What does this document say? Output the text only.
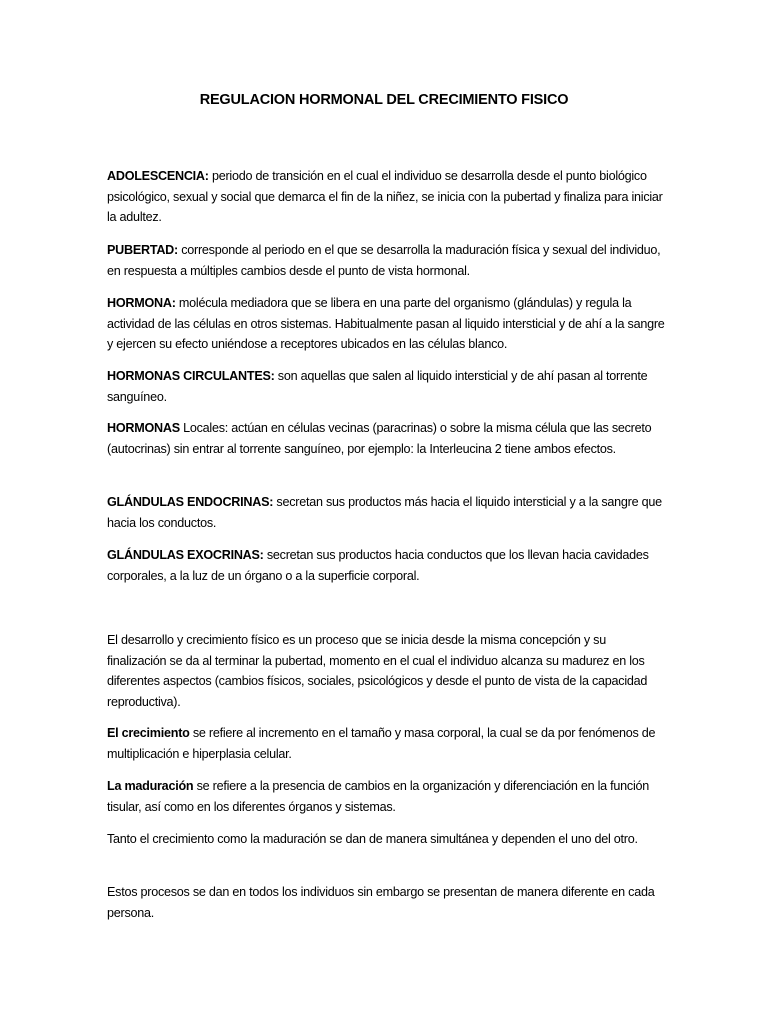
REGULACION HORMONAL DEL CRECIMIENTO FISICO
ADOLESCENCIA: periodo de transición en el cual el individuo se desarrolla desde el punto biológico psicológico, sexual y social que demarca el fin de la niñez, se inicia con la pubertad y finaliza para iniciar la adultez.
PUBERTAD: corresponde al periodo en el que se desarrolla la maduración física y sexual del individuo, en respuesta a múltiples cambios desde el punto de vista hormonal.
HORMONA: molécula mediadora que se libera en una parte del organismo (glándulas) y regula la actividad de las células en otros sistemas. Habitualmente pasan al liquido intersticial y de ahí a la sangre y ejercen su efecto uniéndose a receptores ubicados en las células blanco.
HORMONAS CIRCULANTES: son aquellas que salen al liquido intersticial y de ahí pasan al torrente sanguíneo.
HORMONAS Locales: actúan en células vecinas (paracrinas) o sobre la misma célula que las secreto (autocrinas) sin entrar al torrente sanguíneo, por ejemplo: la Interleucina 2 tiene ambos efectos.
GLÁNDULAS ENDOCRINAS: secretan sus productos más hacia el liquido intersticial y a la sangre que hacia los conductos.
GLÁNDULAS EXOCRINAS: secretan sus productos hacia conductos que los llevan hacia cavidades corporales, a la luz de un órgano o a la superficie corporal.
El desarrollo y crecimiento físico es un proceso que se inicia desde la misma concepción y su finalización se da al terminar la pubertad, momento en el cual el individuo alcanza su madurez en los diferentes aspectos (cambios físicos, sociales, psicológicos y desde el punto de vista de la capacidad reproductiva).
El crecimiento se refiere al incremento en el tamaño y masa corporal, la cual se da por fenómenos de multiplicación e hiperplasia celular.
La maduración se refiere a la presencia de cambios en la organización y diferenciación en la función tisular, así como en los diferentes órganos y sistemas.
Tanto el crecimiento como la maduración se dan de manera simultánea y dependen el uno del otro.
Estos procesos se dan en todos los individuos sin embargo se presentan de manera diferente en cada persona.
